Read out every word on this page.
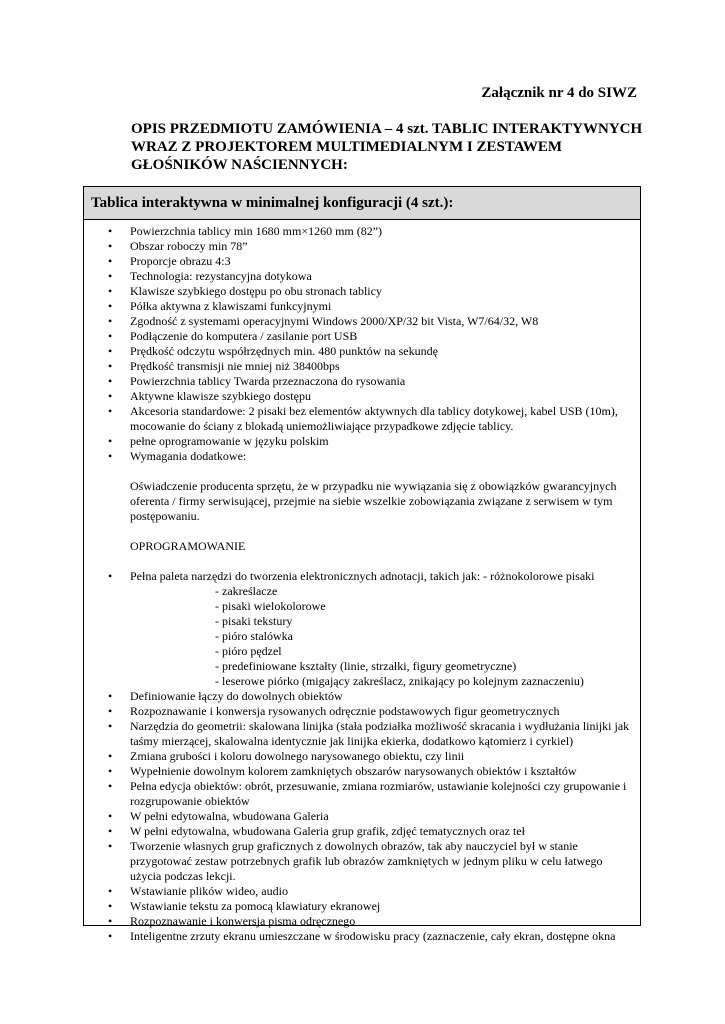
Załącznik nr 4 do SIWZ
OPIS PRZEDMIOTU ZAMÓWIENIA – 4 szt. TABLIC INTERAKTYWNYCH WRAZ Z PROJEKTOREM MULTIMEDIALNYM I ZESTAWEM GŁOŚNIKÓW NAŚCIENNYCH:
Tablica interaktywna w minimalnej konfiguracji (4 szt.):
• Powierzchnia tablicy min 1680 mm×1260 mm (82”)
• Obszar roboczy min 78”
• Proporcje obrazu 4:3
• Technologia: rezystancyjna dotykowa
• Klawisze szybkiego dostępu po obu stronach tablicy
• Półka aktywna z klawiszami funkcyjnymi
• Zgodność z systemami operacyjnymi Windows 2000/XP/32 bit Vista, W7/64/32, W8
• Podłączenie do komputera / zasilanie port USB
• Prędkość odczytu współrzędnych min. 480 punktów na sekundę
• Prędkość transmisji nie mniej niż 38400bps
• Powierzchnia tablicy Twarda przeznaczona do rysowania
• Aktywne klawisze szybkiego dostępu
• Akcesoria standardowe: 2 pisaki bez elementów aktywnych dla tablicy dotykowej, kabel USB (10m), mocowanie do ściany z blokadą uniemożliwiające przypadkowe zdjęcie tablicy.
• pełne oprogramowanie w języku polskim
• Wymagania dodatkowe:
Oświadczenie producenta sprzętu, że w przypadku nie wywiązania się z obowiązków gwarancyjnych oferenta / firmy serwisującej, przejmie na siebie wszelkie zobowiązania związane z serwisem w tym postępowaniu.
OPROGRAMOWANIE
• Pełna paleta narzędzi do tworzenia elektronicznych adnotacji, takich jak: - różnokolorowe pisaki
- zakreślacze
- pisaki wielokolorowe
- pisaki tekstury
- pióro stalówka
- pióro pędzel
- predefiniowane kształty (linie, strzałki, figury geometryczne)
- leserowe piórko (migający zakreślacz, znikający po kolejnym zaznaczeniu)
• Definiowanie łączy do dowolnych obiektów
• Rozpoznawanie i konwersja rysowanych odręcznie podstawowych figur geometrycznych
• Narzędzia do geometrii: skalowana linijka (stała podziałka możliwość skracania i wydłużania linijki jak taśmy mierzącej, skalowalna identycznie jak linijka ekierka, dodatkowo kątomierz i cyrkiel)
• Zmiana grubości i koloru dowolnego narysowanego obiektu, czy linii
• Wypełnienie dowolnym kolorem zamkniętych obszarów narysowanych obiektów i kształtów
• Pełna edycja obiektów: obrót, przesuwanie, zmiana rozmiarów, ustawianie kolejności czy grupowanie i rozgrupowanie obiektów
• W pełni edytowalna, wbudowana Galeria
• W pełni edytowalna, wbudowana Galeria grup grafik, zdjęć tematycznych oraz teł
• Tworzenie własnych grup graficznych z dowolnych obrazów, tak aby nauczyciel był w stanie przygotować zestaw potrzebnych grafik lub obrazów zamkniętych w jednym pliku w celu łatwego użycia podczas lekcji.
• Wstawianie plików wideo, audio
• Wstawianie tekstu za pomocą klawiatury ekranowej
• Rozpoznawanie i konwersja pisma odręcznego
• Inteligentne zrzuty ekranu umieszczane w środowisku pracy (zaznaczenie, cały ekran, dostępne okna
